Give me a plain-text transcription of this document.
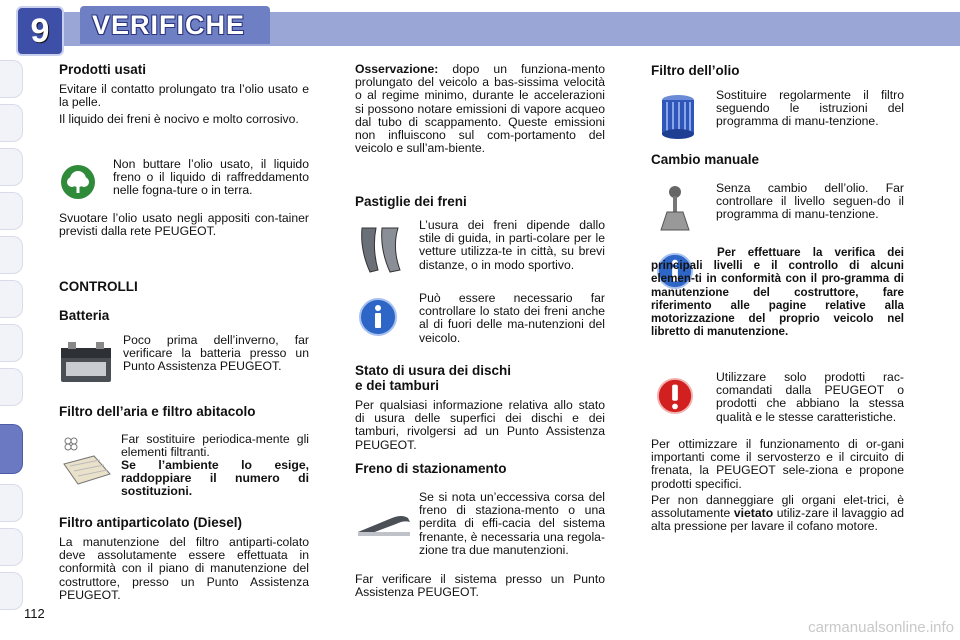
VERIFICHE
9
Prodotti usati

Evitare il contatto prolungato tra l’olio usato e la pelle.

Il liquido dei freni è nocivo e molto corrosivo.

Non buttare l’olio usato, il liquido freno o il liquido di raffreddamento nelle fogna-ture o in terra.

Svuotare l’olio usato negli appositi con-tainer previsti dalla rete PEUGEOT.

CONTROLLI
Batteria

Poco prima dell’inverno, far verificare la batteria presso un Punto Assistenza PEUGEOT.

Filtro dell’aria e filtro abitacolo

Far sostituire periodica-mente gli elementi filtranti.

Se l’ambiente lo esige, raddoppiare il numero di sostituzioni.

Filtro antiparticolato (Diesel)

La manutenzione del filtro antiparti-colato deve assolutamente essere effettuata in conformità con il piano di manutenzione del costruttore, presso un Punto Assistenza PEUGEOT.

Osservazione: dopo un funziona-mento prolungato del veicolo a bas-sissima velocità o al regime minimo, durante le accelerazioni si possono notare emissioni di vapore acqueo dal tubo di scappamento. Queste emissioni non influiscono sul com-portamento del veicolo e sull’am-biente.

Pastiglie dei freni

L’usura dei freni dipende dallo stile di guida, in parti-colare per le vetture utilizza-te in città, su brevi distanze, o in modo sportivo.

Può essere necessario far controllare lo stato dei freni anche al di fuori delle ma-nutenzioni del veicolo.

Stato di usura dei dischi
e dei tamburi

Per qualsiasi informazione relativa allo stato di usura delle superfici dei dischi e dei tamburi, rivolgersi ad un Punto Assistenza PEUGEOT.

Freno di stazionamento

Se si nota un’eccessiva corsa del freno di staziona-mento o una perdita di effi-cacia del sistema frenante, è necessaria una regola-zione tra due manutenzioni.

Far verificare il sistema presso un Punto Assistenza PEUGEOT.

Filtro dell’olio

Sostituire regolarmente il filtro seguendo le istruzioni del programma di manu-tenzione.

Cambio manuale

Senza cambio dell’olio. Far controllare il livello seguen-do il programma di manu-tenzione.

Per effettuare la verifica dei principali livelli e il controllo di alcuni elemen-ti in conformità con il pro-gramma di manutenzione del costruttore, fare riferimento alle pagine relative alla motorizzazione del proprio veicolo nel libretto di manutenzione.

Utilizzare solo prodotti rac-comandati dalla PEUGEOT o prodotti che abbiano la stessa qualità e le stesse caratteristiche.

Per ottimizzare il funzionamento di or-gani importanti come il servosterzo e il circuito di frenata, la PEUGEOT sele-ziona e propone prodotti specifici.

Per non danneggiare gli organi elet-trici, è assolutamente vietato utiliz-zare il lavaggio ad alta pressione per lavare il cofano motore.

112
carmanualsonline.info
